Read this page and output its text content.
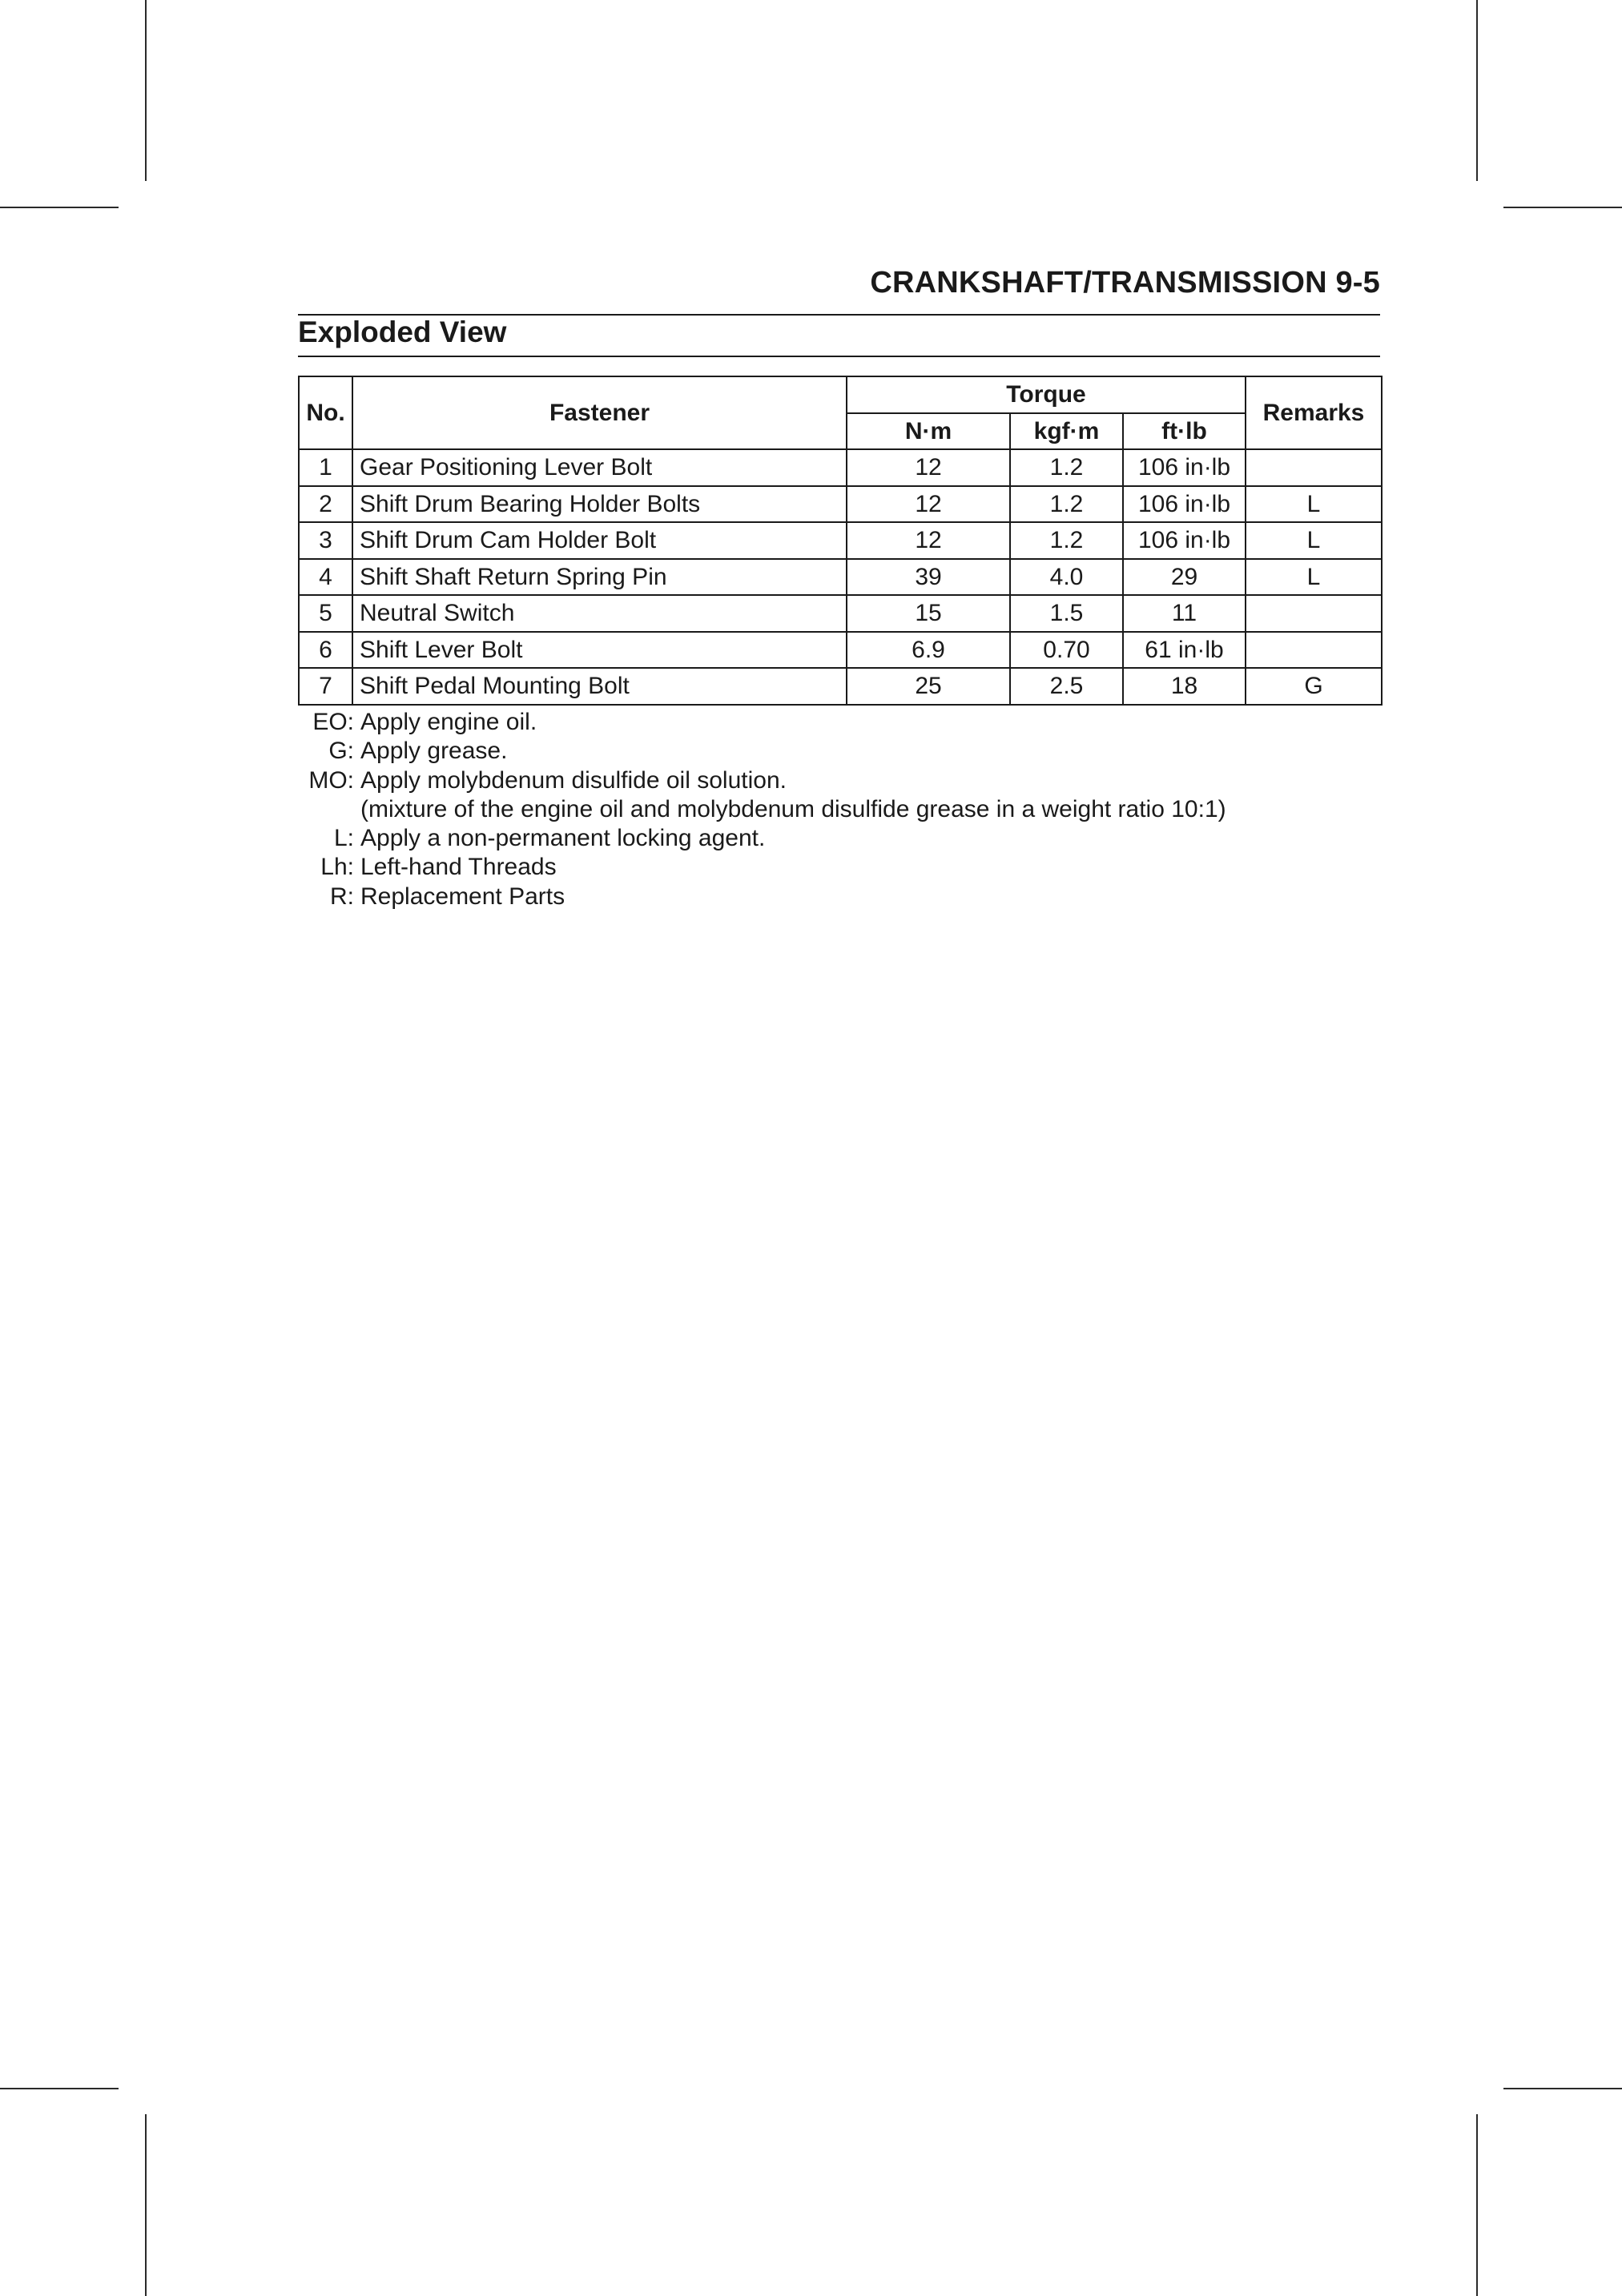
CRANKSHAFT/TRANSMISSION 9-5
Exploded View
No.	Fastener	Torque			Remarks
		N·m	kgf·m	ft·lb	
1	Gear Positioning Lever Bolt	12	1.2	106 in·lb	
2	Shift Drum Bearing Holder Bolts	12	1.2	106 in·lb	L
3	Shift Drum Cam Holder Bolt	12	1.2	106 in·lb	L
4	Shift Shaft Return Spring Pin	39	4.0	29	L
5	Neutral Switch	15	1.5	11	
6	Shift Lever Bolt	6.9	0.70	61 in·lb	
7	Shift Pedal Mounting Bolt	25	2.5	18	G
EO: Apply engine oil.
G: Apply grease.
MO: Apply molybdenum disulfide oil solution.
(mixture of the engine oil and molybdenum disulfide grease in a weight ratio 10:1)
L: Apply a non-permanent locking agent.
Lh: Left-hand Threads
R: Replacement Parts
